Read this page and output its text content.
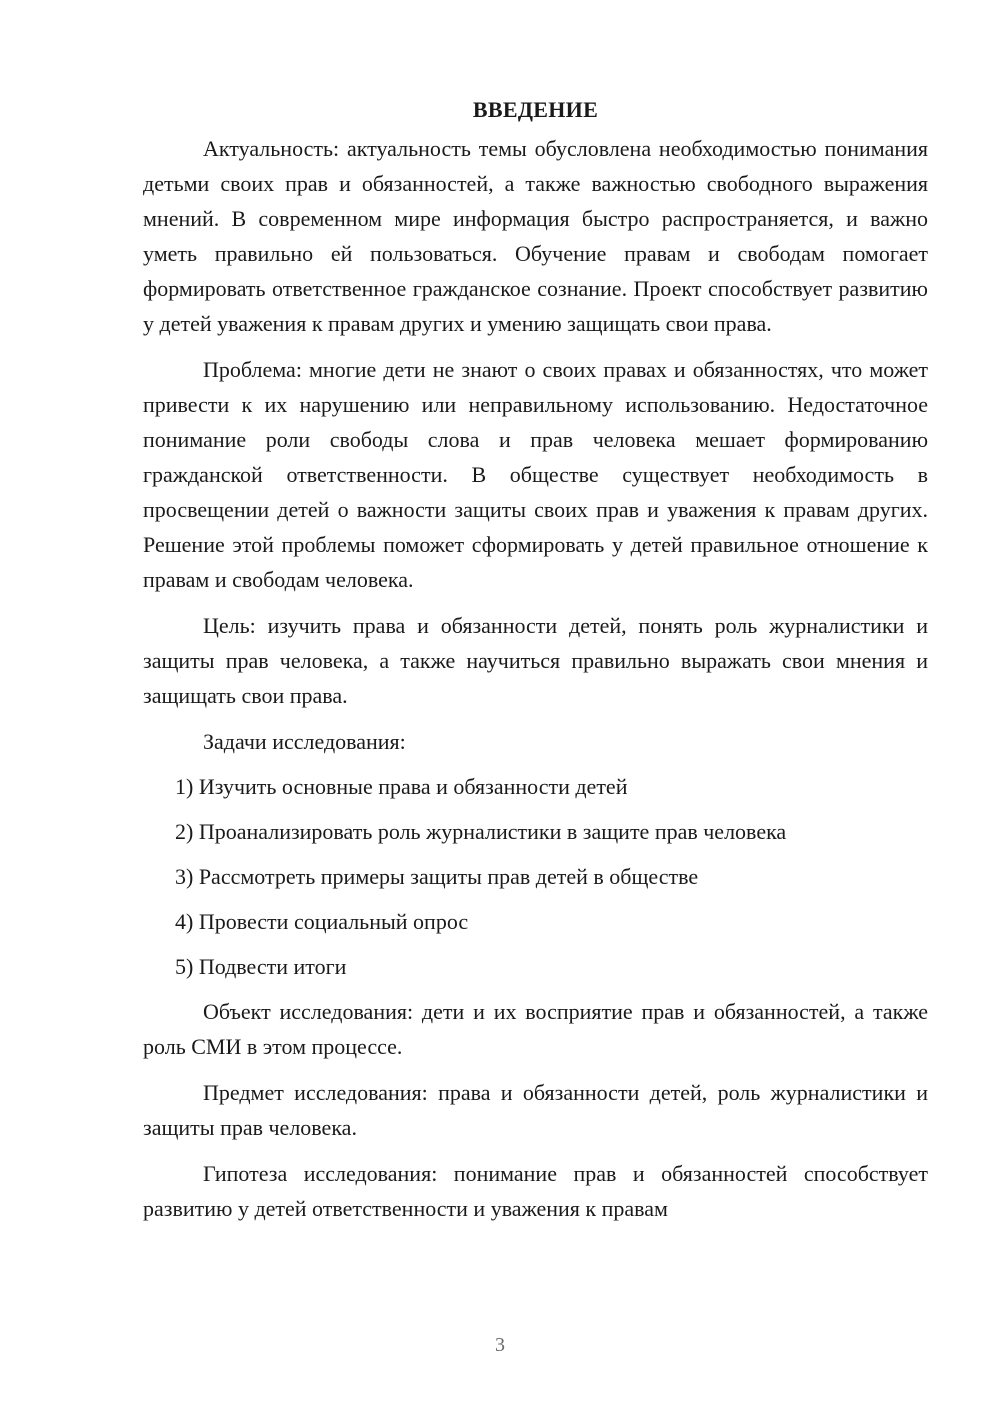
ВВЕДЕНИЕ

Актуальность: актуальность темы обусловлена необходимостью понимания детьми своих прав и обязанностей, а также важностью свободного выражения мнений. В современном мире информация быстро распространяется, и важно уметь правильно ей пользоваться. Обучение правам и свободам помогает формировать ответственное гражданское сознание. Проект способствует развитию у детей уважения к правам других и умению защищать свои права.

Проблема: многие дети не знают о своих правах и обязанностях, что может привести к их нарушению или неправильному использованию. Недостаточное понимание роли свободы слова и прав человека мешает формированию гражданской ответственности. В обществе существует необходимость в просвещении детей о важности защиты своих прав и уважения к правам других. Решение этой проблемы поможет сформировать у детей правильное отношение к правам и свободам человека.

Цель: изучить права и обязанности детей, понять роль журналистики и защиты прав человека, а также научиться правильно выражать свои мнения и защищать свои права.

Задачи исследования:

1) Изучить основные права и обязанности детей

2) Проанализировать роль журналистики в защите прав человека

3) Рассмотреть примеры защиты прав детей в обществе

4) Провести социальный опрос

5) Подвести итоги

Объект исследования: дети и их восприятие прав и обязанностей, а также роль СМИ в этом процессе.

Предмет исследования: права и обязанности детей, роль журналистики и защиты прав человека.

Гипотеза исследования: понимание прав и обязанностей способствует развитию у детей ответственности и уважения к правам

3
